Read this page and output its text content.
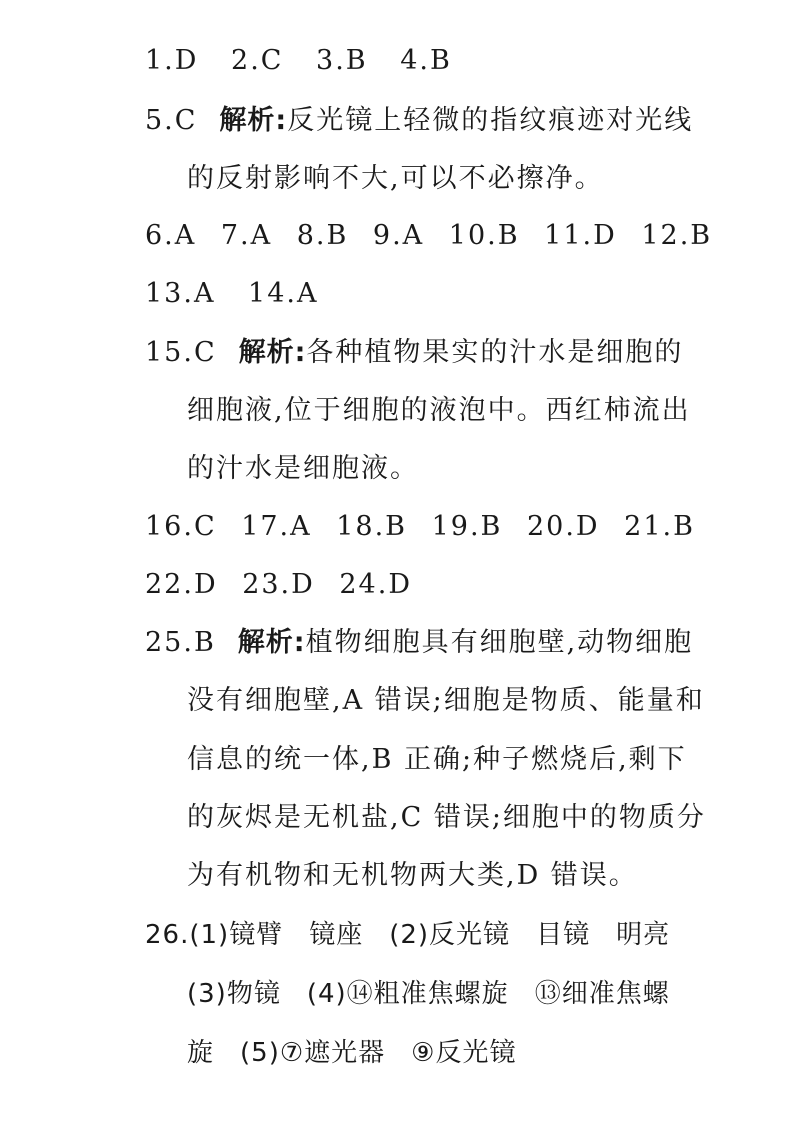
1.D 2.C 3.B 4.B
5.C 解析:反光镜上轻微的指纹痕迹对光线
的反射影响不大,可以不必擦净。
6.A 7.A 8.B 9.A 10.B 11.D 12.B
13.A 14.A
15.C 解析:各种植物果实的汁水是细胞的
细胞液,位于细胞的液泡中。西红柿流出
的汁水是细胞液。
16.C 17.A 18.B 19.B 20.D 21.B
22.D 23.D 24.D
25.B 解析:植物细胞具有细胞壁,动物细胞
没有细胞壁,A 错误;细胞是物质、能量和
信息的统一体,B 正确;种子燃烧后,剩下
的灰烬是无机盐,C 错误;细胞中的物质分
为有机物和无机物两大类,D 错误。
26.(1)镜臂 镜座 (2)反光镜 目镜 明亮
(3)物镜 (4)⑭粗准焦螺旋 ⑬细准焦螺
旋 (5)⑦遮光器 ⑨反光镜
